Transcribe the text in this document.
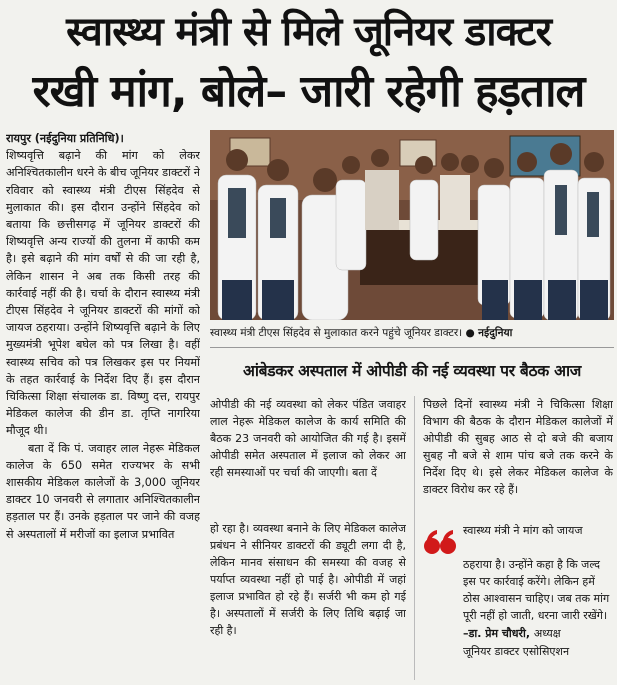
स्वास्थ्य मंत्री से मिले जूनियर डाक्टर
रखी मांग, बोले– जारी रहेगी हड़ताल

रायपुर (नईदुनिया प्रतिनिधि)।
शिष्यवृत्ति बढ़ाने की मांग को लेकर अनिश्चितकालीन धरने के बीच जूनियर डाक्टरों ने रविवार को स्वास्थ्य मंत्री टीएस सिंहदेव से मुलाकात की। इस दौरान उन्होंने सिंहदेव को बताया कि छत्तीसगढ़ में जूनियर डाक्टरों की शिष्यवृत्ति अन्य राज्यों की तुलना में काफी कम है। इसे बढ़ाने की मांग वर्षों से की जा रही है, लेकिन शासन ने अब तक किसी तरह की कार्रवाई नहीं की है। चर्चा के दौरान स्वास्थ्य मंत्री टीएस सिंहदेव ने जूनियर डाक्टरों की मांगों को जायज ठहराया। उन्होंने शिष्यवृत्ति बढ़ाने के लिए मुख्यमंत्री भूपेश बघेल को पत्र लिखा है। वहीं स्वास्थ्य सचिव को पत्र लिखकर इस पर नियमों के तहत कार्रवाई के निर्देश दिए हैं। इस दौरान चिकित्सा शिक्षा संचालक डा. विष्णु दत्त, रायपुर मेडिकल कालेज की डीन डा. तृप्ति नागरिया मौजूद थी।

बता दें कि पं. जवाहर लाल नेहरू मेडिकल कालेज के 650 समेत राज्यभर के सभी शासकीय मेडिकल कालेजों के 3,000 जूनियर डाक्टर 10 जनवरी से लगातार अनिश्चितकालीन हड़ताल पर हैं। उनके हड़ताल पर जाने की वजह से अस्पतालों में मरीजों का इलाज प्रभावित

स्वास्थ्य मंत्री टीएस सिंहदेव से मुलाकात करने पहुंचे जूनियर डाक्टर। ● नईदुनिया
आंबेडकर अस्पताल में ओपीडी की नई व्यवस्था पर बैठक आज
ओपीडी की नई व्यवस्था को लेकर पंडित जवाहर लाल नेहरू मेडिकल कालेज के कार्य समिति की बैठक 23 जनवरी को आयोजित की गई है। इसमें ओपीडी समेत अस्पताल में इलाज को लेकर आ रही समस्याओं पर चर्चा की जाएगी। बता दें
पिछले दिनों स्वास्थ्य मंत्री ने चिकित्सा शिक्षा विभाग की बैठक के दौरान मेडिकल कालेजों में ओपीडी की सुबह आठ से दो बजे की बजाय सुबह नौ बजे से शाम पांच बजे तक करने के निर्देश दिए थे। इसे लेकर मेडिकल कालेज के डाक्टर विरोध कर रहे हैं।
हो रहा है। व्यवस्था बनाने के लिए मेडिकल कालेज प्रबंधन ने सीनियर डाक्टरों की ड्यूटी लगा दी है, लेकिन मानव संसाधन की समस्या की वजह से पर्याप्त व्यवस्था नहीं हो पाई है। ओपीडी में जहां इलाज प्रभावित हो रहे हैं। सर्जरी भी कम हो गई है। अस्पतालों में सर्जरी के लिए तिथि बढ़ाई जा रही है।
स्वास्थ्य मंत्री ने मांग को जायज
ठहराया है। उन्होंने कहा है कि जल्द इस पर कार्रवाई करेंगे। लेकिन हमें ठोस आश्वासन चाहिए। जब तक मांग पूरी नहीं हो जाती, धरना जारी रखेंगे।
–डा. प्रेम चौधरी, अध्यक्ष
जूनियर डाक्टर एसोसिएशन
